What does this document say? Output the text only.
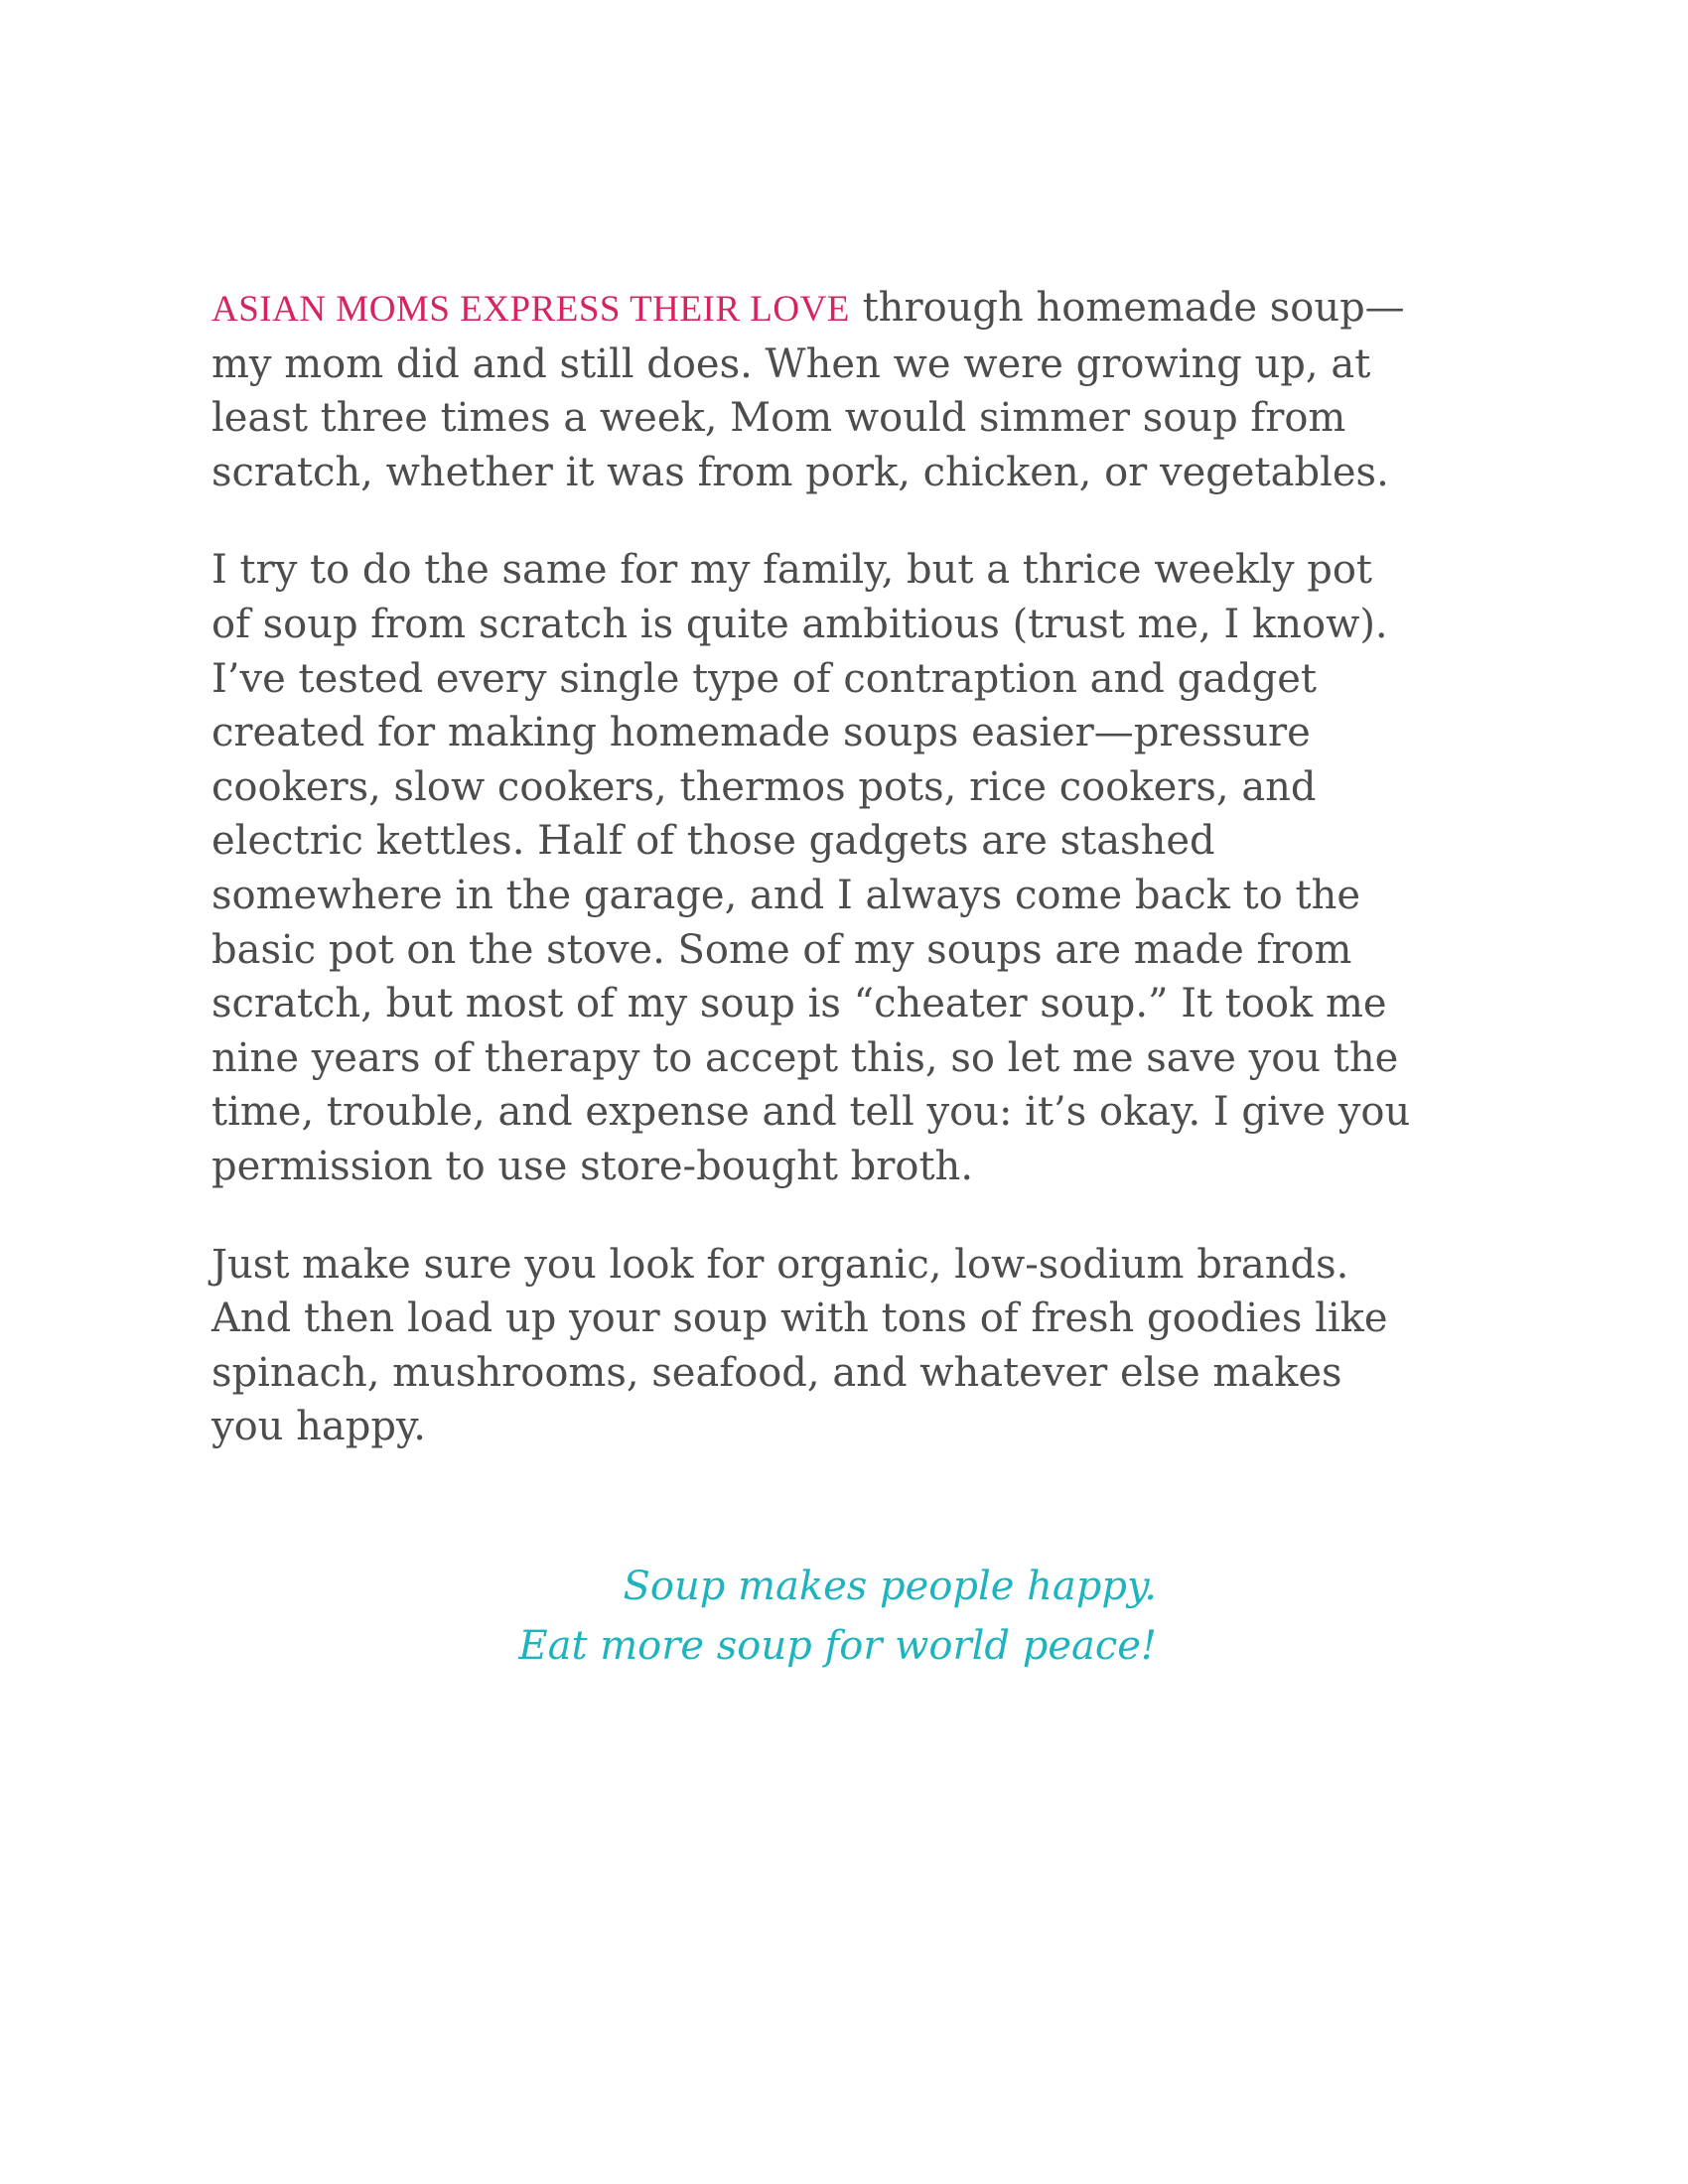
ASIAN MOMS EXPRESS THEIR LOVE through homemade soup—
my mom did and still does. When we were growing up, at
least three times a week, Mom would simmer soup from
scratch, whether it was from pork, chicken, or vegetables.

I try to do the same for my family, but a thrice weekly pot
of soup from scratch is quite ambitious (trust me, I know).
I’ve tested every single type of contraption and gadget
created for making homemade soups easier—pressure
cookers, slow cookers, thermos pots, rice cookers, and
electric kettles. Half of those gadgets are stashed
somewhere in the garage, and I always come back to the
basic pot on the stove. Some of my soups are made from
scratch, but most of my soup is “cheater soup.” It took me
nine years of therapy to accept this, so let me save you the
time, trouble, and expense and tell you: it’s okay. I give you
permission to use store-bought broth.

Just make sure you look for organic, low-sodium brands.
And then load up your soup with tons of fresh goodies like
spinach, mushrooms, seafood, and whatever else makes
you happy.

Soup makes people happy.
Eat more soup for world peace!
